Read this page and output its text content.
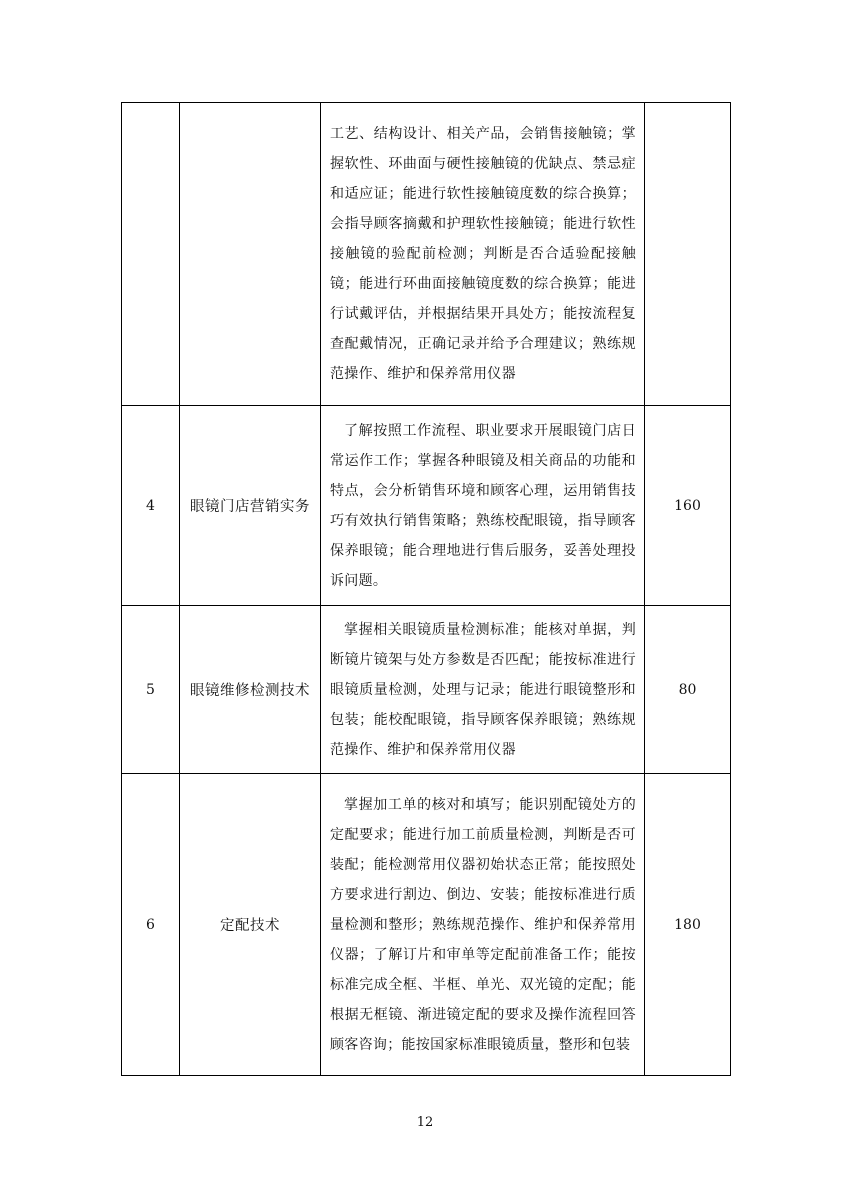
		工艺、结构设计、相关产品，会销售接触镜；掌握软性、环曲面与硬性接触镜的优缺点、禁忌症和适应证；能进行软性接触镜度数的综合换算；会指导顾客摘戴和护理软性接触镜；能进行软性接触镜的验配前检测；判断是否合适验配接触镜；能进行环曲面接触镜度数的综合换算；能进行试戴评估，并根据结果开具处方；能按流程复查配戴情况，正确记录并给予合理建议；熟练规范操作、维护和保养常用仪器	

4	眼镜门店营销实务	了解按照工作流程、职业要求开展眼镜门店日常运作工作；掌握各种眼镜及相关商品的功能和特点，会分析销售环境和顾客心理，运用销售技巧有效执行销售策略；熟练校配眼镜，指导顾客保养眼镜；能合理地进行售后服务，妥善处理投诉问题。	160
5	眼镜维修检测技术	掌握相关眼镜质量检测标准；能核对单据，判断镜片镜架与处方参数是否匹配；能按标准进行眼镜质量检测，处理与记录；能进行眼镜整形和包装；能校配眼镜，指导顾客保养眼镜；熟练规范操作、维护和保养常用仪器	80
6	定配技术	掌握加工单的核对和填写；能识别配镜处方的定配要求；能进行加工前质量检测，判断是否可装配；能检测常用仪器初始状态正常；能按照处方要求进行割边、倒边、安装；能按标准进行质量检测和整形；熟练规范操作、维护和保养常用仪器；了解订片和审单等定配前准备工作；能按标准完成全框、半框、单光、双光镜的定配；能根据无框镜、渐进镜定配的要求及操作流程回答顾客咨询；能按国家标准眼镜质量，整形和包装	180
12
